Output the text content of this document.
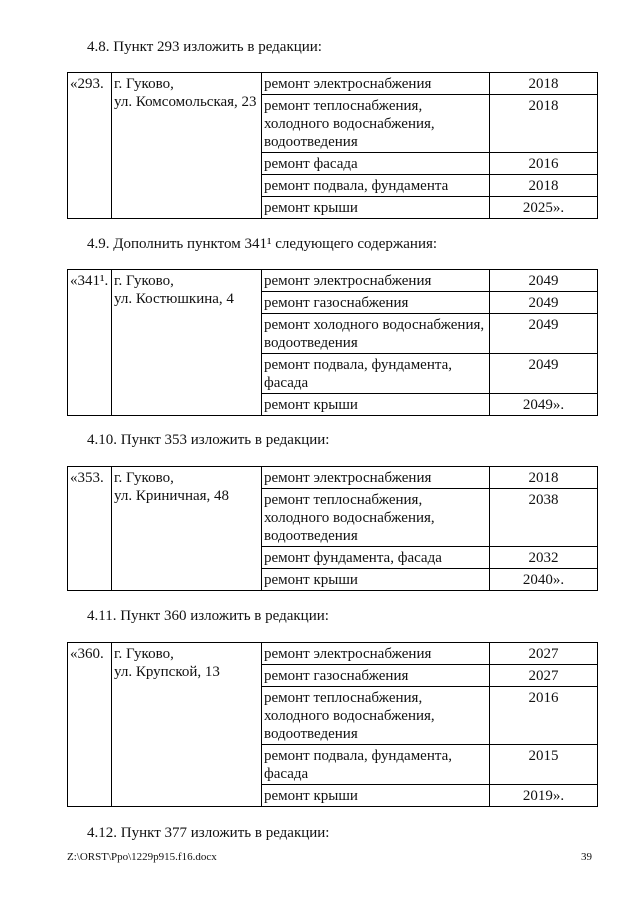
4.8. Пункт 293 изложить в редакции:
«293.	г. Гуково,
ул. Комсомольская, 23	ремонт электроснабжения	2018

		ремонт теплоснабжения,
холодного водоснабжения,
водоотведения	2018

		ремонт фасада	2016

		ремонт подвала, фундамента	2018

		ремонт крыши	2025».
4.9. Дополнить пунктом 341¹ следующего содержания:
«341¹.	г. Гуково,
ул. Костюшкина, 4	ремонт электроснабжения	2049

		ремонт газоснабжения	2049

		ремонт холодного водоснабжения,
водоотведения	2049

		ремонт подвала, фундамента,
фасада	2049

		ремонт крыши	2049».
4.10. Пункт 353 изложить в редакции:
«353.	г. Гуково,
ул. Криничная, 48	ремонт электроснабжения	2018

		ремонт теплоснабжения,
холодного водоснабжения,
водоотведения	2038

		ремонт фундамента, фасада	2032

		ремонт крыши	2040».
4.11. Пункт 360 изложить в редакции:
«360.	г. Гуково,
ул. Крупской, 13	ремонт электроснабжения	2027

		ремонт газоснабжения	2027

		ремонт теплоснабжения,
холодного водоснабжения,
водоотведения	2016

		ремонт подвала, фундамента,
фасада	2015

		ремонт крыши	2019».
4.12. Пункт 377 изложить в редакции:
Z:\ORST\Ppo\1229p915.f16.docx	39
